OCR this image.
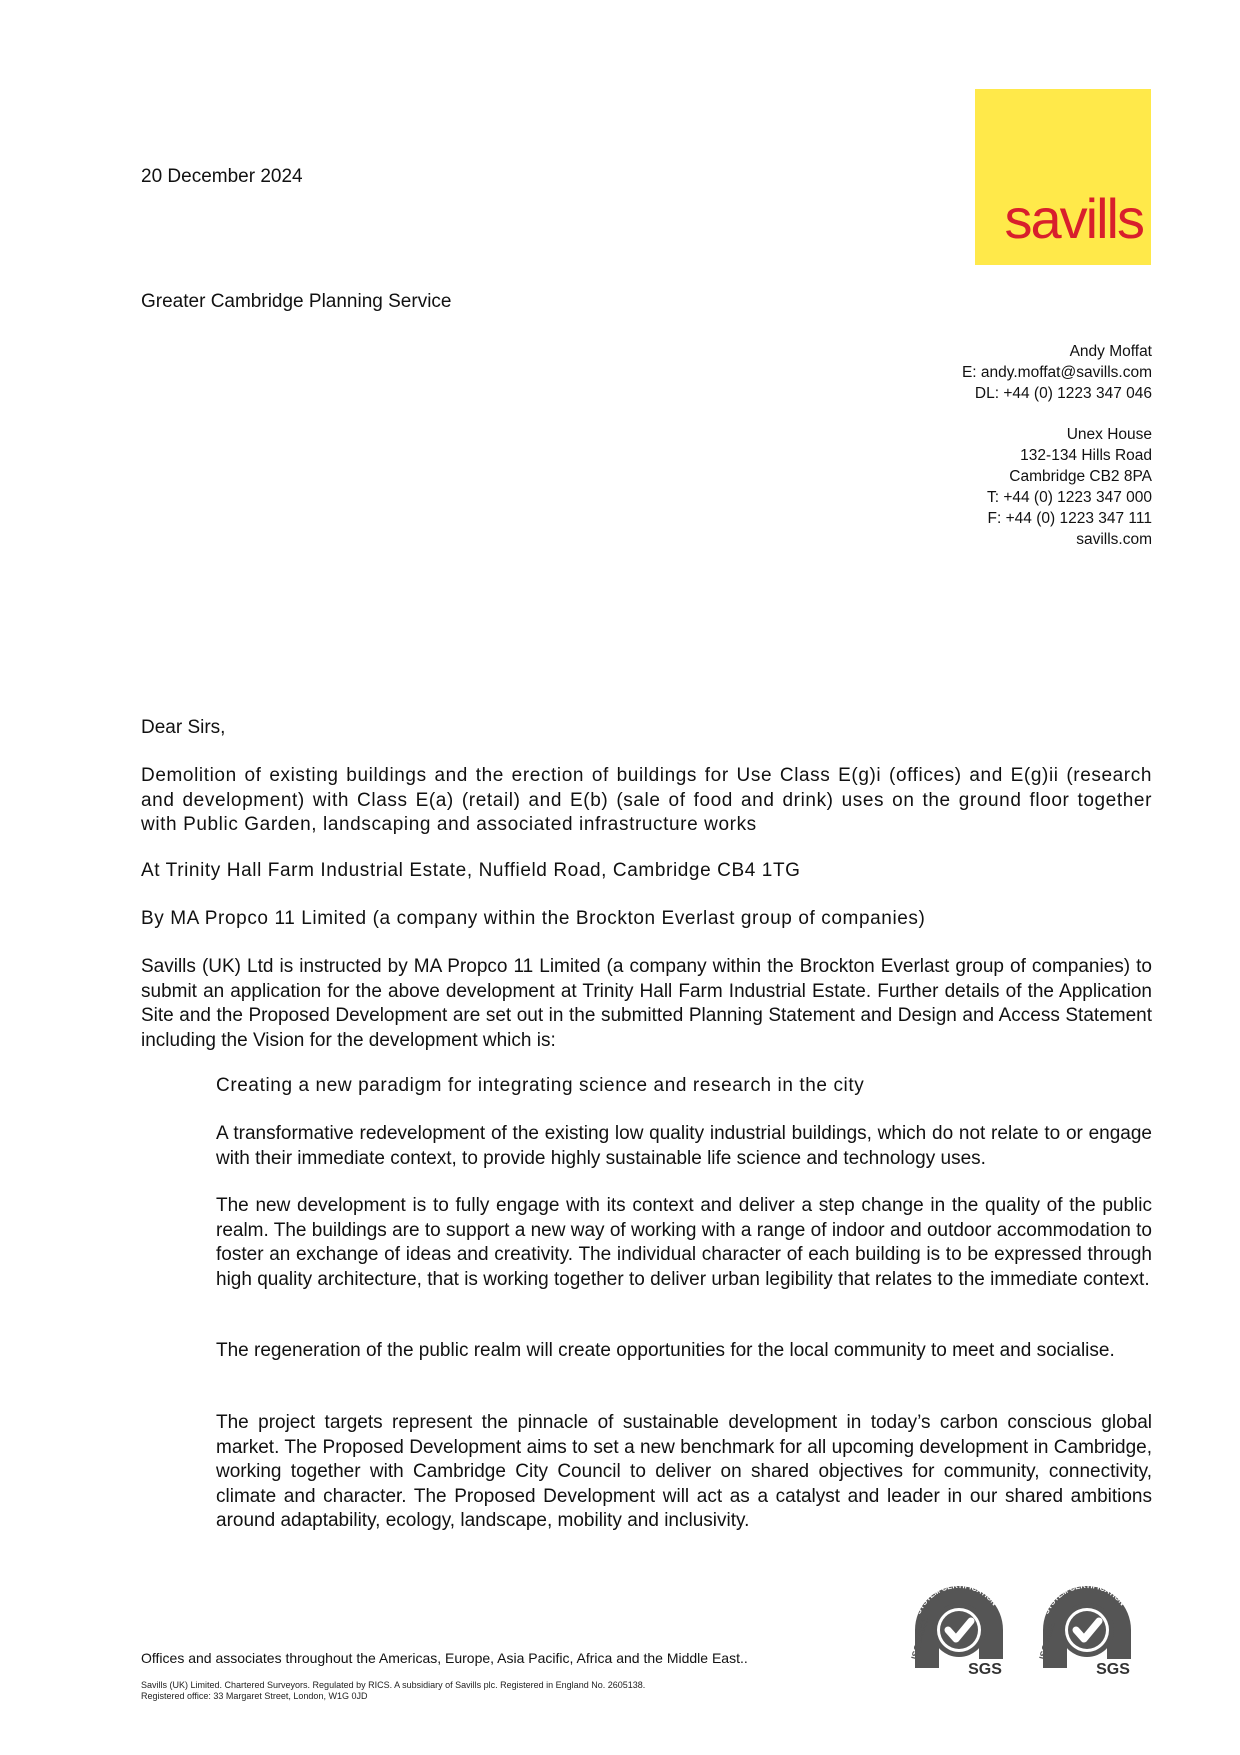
20 December 2024
savills
Greater Cambridge Planning Service
Andy Moffat
E: andy.moffat@savills.com
DL: +44 (0) 1223 347 046
Unex House
132-134 Hills Road
Cambridge CB2 8PA
T: +44 (0) 1223 347 000
F: +44 (0) 1223 347 111
savills.com
Dear Sirs,
Demolition of existing buildings and the erection of buildings for Use Class E(g)i (offices) and E(g)ii (research and development) with Class E(a) (retail) and E(b) (sale of food and drink) uses on the ground floor together with Public Garden, landscaping and associated infrastructure works
At Trinity Hall Farm Industrial Estate, Nuffield Road, Cambridge CB4 1TG
By MA Propco 11 Limited (a company within the Brockton Everlast group of companies)
Savills (UK) Ltd is instructed by MA Propco 11 Limited (a company within the Brockton Everlast group of companies) to submit an application for the above development at Trinity Hall Farm Industrial Estate. Further details of the Application Site and the Proposed Development are set out in the submitted Planning Statement and Design and Access Statement including the Vision for the development which is:
Creating a new paradigm for integrating science and research in the city
A transformative redevelopment of the existing low quality industrial buildings, which do not relate to or engage with their immediate context, to provide highly sustainable life science and technology uses.
The new development is to fully engage with its context and deliver a step change in the quality of the public realm. The buildings are to support a new way of working with a range of indoor and outdoor accommodation to foster an exchange of ideas and creativity. The individual character of each building is to be expressed through high quality architecture, that is working together to deliver urban legibility that relates to the immediate context.
The regeneration of the public realm will create opportunities for the local community to meet and socialise.
The project targets represent the pinnacle of sustainable development in today’s carbon conscious global market. The Proposed Development aims to set a new benchmark for all upcoming development in Cambridge, working together with Cambridge City Council to deliver on shared objectives for community, connectivity, climate and character. The Proposed Development will act as a catalyst and leader in our shared ambitions around adaptability, ecology, landscape, mobility and inclusivity.
Offices and associates throughout the Americas, Europe, Asia Pacific, Africa and the Middle East..
Savills (UK) Limited. Chartered Surveyors. Regulated by RICS. A subsidiary of Savills plc. Registered in England No. 2605138.
Registered office: 33 Margaret Street, London, W1G 0JD
SYSTEM CERTIFICATION
ISO 14001
SGS
SYSTEM CERTIFICATION
ISO 9001
SGS
